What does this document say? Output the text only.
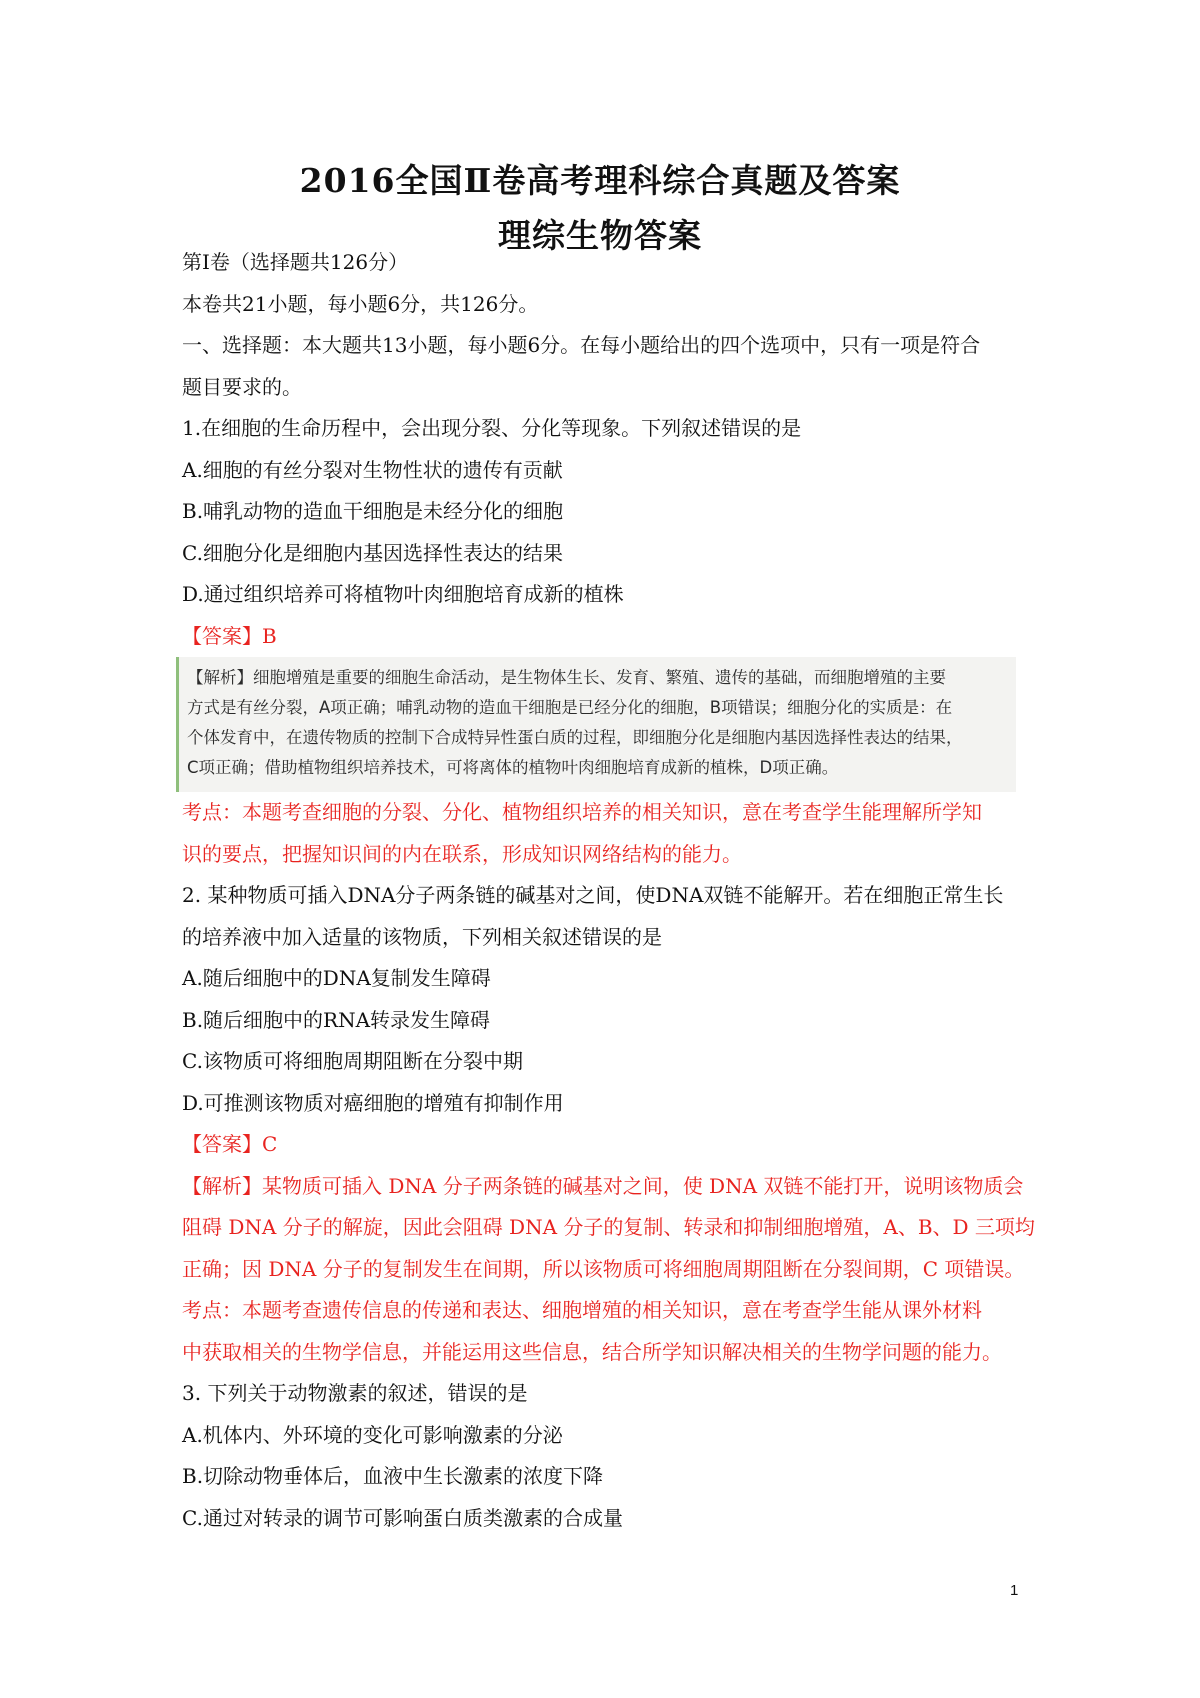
2016全国Ⅱ卷高考理科综合真题及答案
理综生物答案
第Ⅰ卷（选择题共126分）
本卷共21小题，每小题6分，共126分。
一、选择题：本大题共13小题，每小题6分。在每小题给出的四个选项中，只有一项是符合
题目要求的。
1.在细胞的生命历程中，会出现分裂、分化等现象。下列叙述错误的是
A.细胞的有丝分裂对生物性状的遗传有贡献
B.哺乳动物的造血干细胞是未经分化的细胞
C.细胞分化是细胞内基因选择性表达的结果
D.通过组织培养可将植物叶肉细胞培育成新的植株
【答案】B
【解析】细胞增殖是重要的细胞生命活动，是生物体生长、发育、繁殖、遗传的基础，而细胞增殖的主要
方式是有丝分裂，A项正确；哺乳动物的造血干细胞是已经分化的细胞，B项错误；细胞分化的实质是：在
个体发育中，在遗传物质的控制下合成特异性蛋白质的过程，即细胞分化是细胞内基因选择性表达的结果，
C项正确；借助植物组织培养技术，可将离体的植物叶肉细胞培育成新的植株，D项正确。
考点：本题考查细胞的分裂、分化、植物组织培养的相关知识，意在考查学生能理解所学知
识的要点，把握知识间的内在联系，形成知识网络结构的能力。
2. 某种物质可插入DNA分子两条链的碱基对之间，使DNA双链不能解开。若在细胞正常生长
的培养液中加入适量的该物质，下列相关叙述错误的是
A.随后细胞中的DNA复制发生障碍
B.随后细胞中的RNA转录发生障碍
C.该物质可将细胞周期阻断在分裂中期
D.可推测该物质对癌细胞的增殖有抑制作用
【答案】C
【解析】某物质可插入 DNA 分子两条链的碱基对之间，使 DNA 双链不能打开，说明该物质会
阻碍 DNA 分子的解旋，因此会阻碍 DNA 分子的复制、转录和抑制细胞增殖，A、B、D 三项均
正确；因 DNA 分子的复制发生在间期，所以该物质可将细胞周期阻断在分裂间期，C 项错误。
考点：本题考查遗传信息的传递和表达、细胞增殖的相关知识，意在考查学生能从课外材料
中获取相关的生物学信息，并能运用这些信息，结合所学知识解决相关的生物学问题的能力。
3. 下列关于动物激素的叙述，错误的是
A.机体内、外环境的变化可影响激素的分泌
B.切除动物垂体后，血液中生长激素的浓度下降
C.通过对转录的调节可影响蛋白质类激素的合成量
1
